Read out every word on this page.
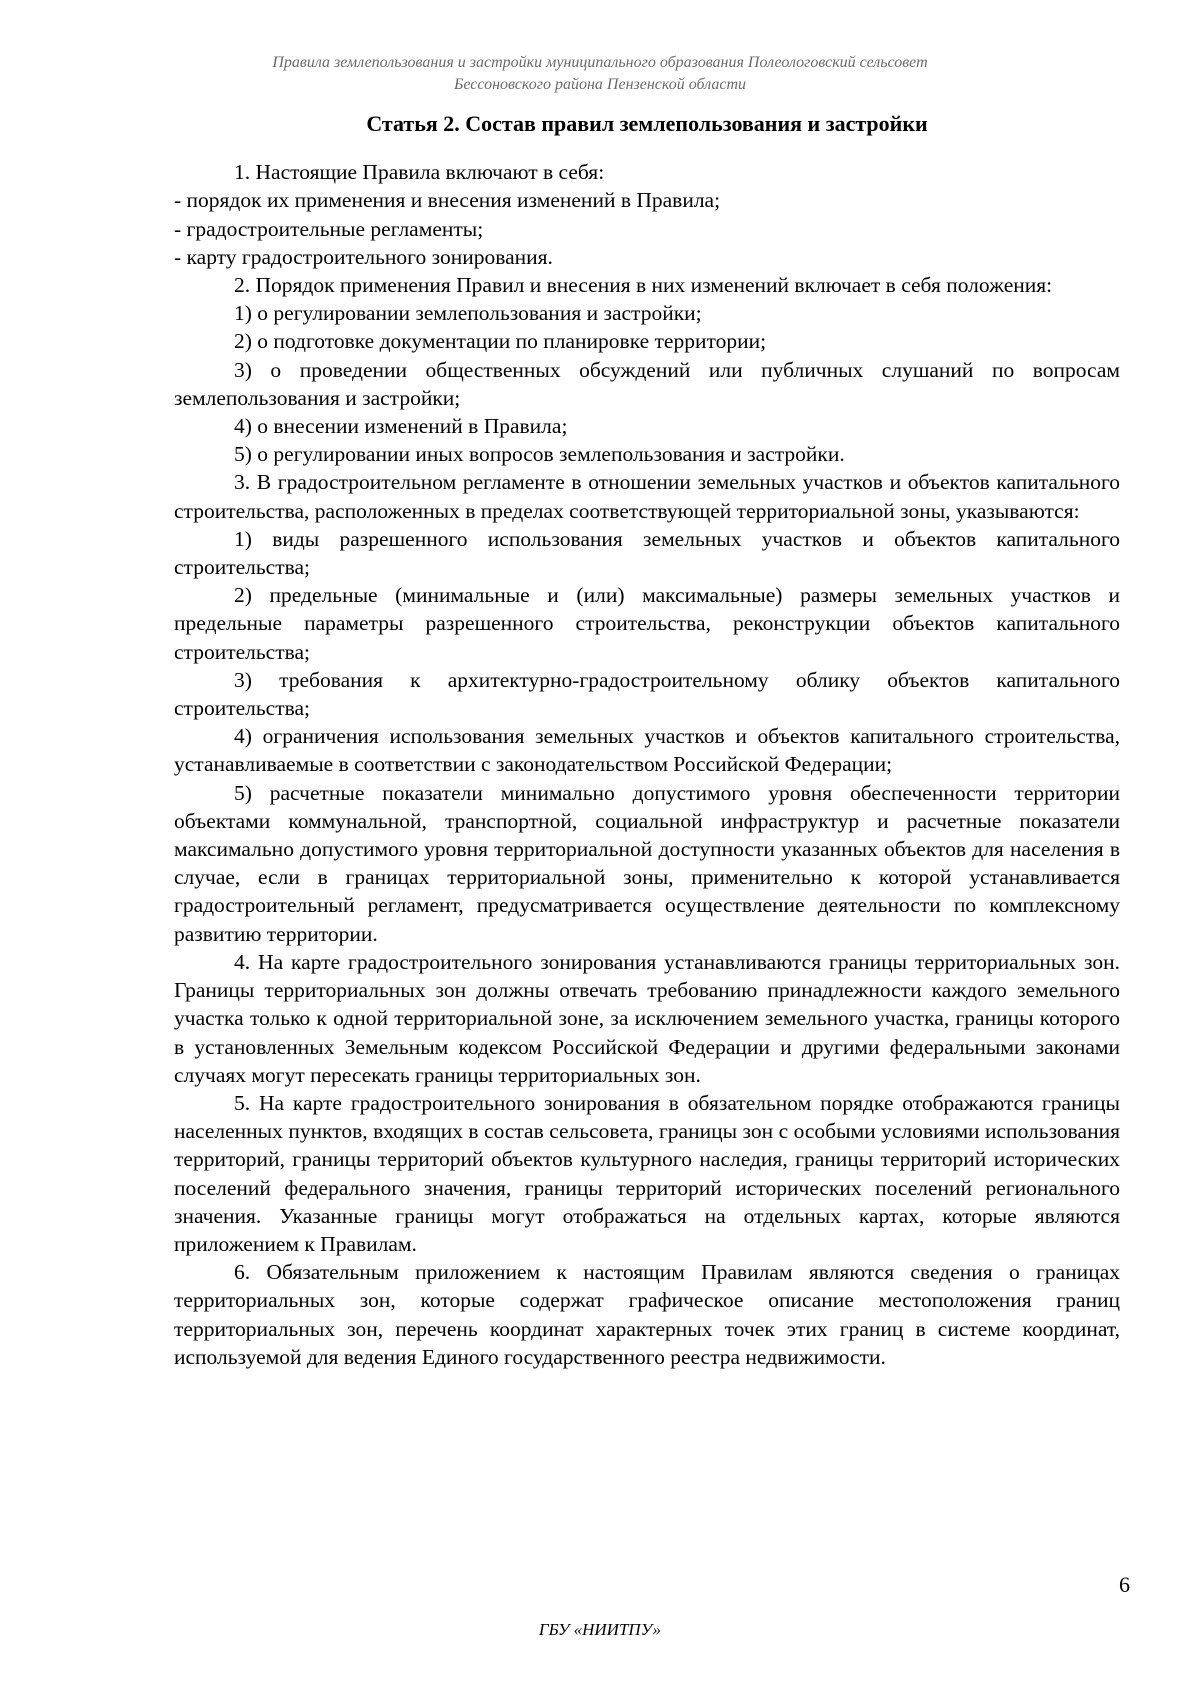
Правила землепользования и застройки муниципального образования Полеологовский сельсовет
Бессоновского района Пензенской области
Статья 2. Состав правил землепользования и застройки

1. Настоящие Правила включают в себя:

- порядок их применения и внесения изменений в Правила;

- градостроительные регламенты;

- карту градостроительного зонирования.

2. Порядок применения Правил и внесения в них изменений включает в себя положения:

1) о регулировании землепользования и застройки;

2) о подготовке документации по планировке территории;

3) о проведении общественных обсуждений или публичных слушаний по вопросам землепользования и застройки;

4) о внесении изменений в Правила;

5) о регулировании иных вопросов землепользования и застройки.

3. В градостроительном регламенте в отношении земельных участков и объектов капитального строительства, расположенных в пределах соответствующей территориальной зоны, указываются:

1) виды разрешенного использования земельных участков и объектов капитального строительства;

2) предельные (минимальные и (или) максимальные) размеры земельных участков и предельные параметры разрешенного строительства, реконструкции объектов капитального строительства;

3) требования к архитектурно-градостроительному облику объектов капитального строительства;

4) ограничения использования земельных участков и объектов капитального строительства, устанавливаемые в соответствии с законодательством Российской Федерации;

5) расчетные показатели минимально допустимого уровня обеспеченности территории объектами коммунальной, транспортной, социальной инфраструктур и расчетные показатели максимально допустимого уровня территориальной доступности указанных объектов для населения в случае, если в границах территориальной зоны, применительно к которой устанавливается градостроительный регламент, предусматривается осуществление деятельности по комплексному развитию территории.

4. На карте градостроительного зонирования устанавливаются границы территориальных зон. Границы территориальных зон должны отвечать требованию принадлежности каждого земельного участка только к одной территориальной зоне, за исключением земельного участка, границы которого в установленных Земельным кодексом Российской Федерации и другими федеральными законами случаях могут пересекать границы территориальных зон.

5. На карте градостроительного зонирования в обязательном порядке отображаются границы населенных пунктов, входящих в состав сельсовета, границы зон с особыми условиями использования территорий, границы территорий объектов культурного наследия, границы территорий исторических поселений федерального значения, границы территорий исторических поселений регионального значения. Указанные границы могут отображаться на отдельных картах, которые являются приложением к Правилам.

6. Обязательным приложением к настоящим Правилам являются сведения о границах территориальных зон, которые содержат графическое описание местоположения границ территориальных зон, перечень координат характерных точек этих границ в системе координат, используемой для ведения Единого государственного реестра недвижимости.

6
ГБУ «НИИТПУ»
